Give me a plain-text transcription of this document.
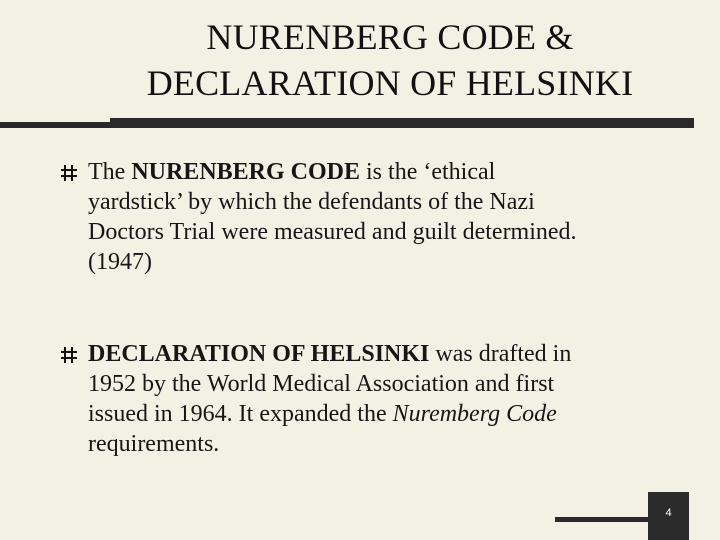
NURENBERG CODE &
DECLARATION OF HELSINKI
The NURENBERG CODE is the ‘ethical
yardstick’ by which the defendants of the Nazi
Doctors Trial were measured and guilt determined.
(1947)
DECLARATION OF HELSINKI was drafted in
1952 by the World Medical Association and first
issued in 1964. It expanded the Nuremberg Code
requirements.
4
